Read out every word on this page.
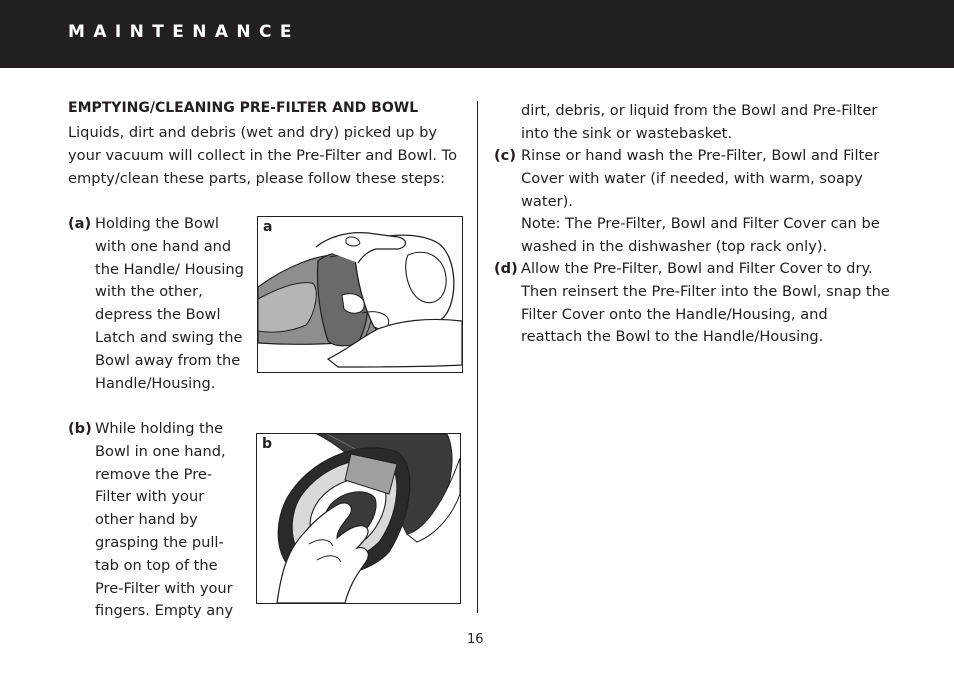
MAINTENANCE
EMPTYING/CLEANING PRE-FILTER AND BOWL
Liquids, dirt and debris (wet and dry) picked up by your vacuum will collect in the Pre-Filter and Bowl. To empty/clean these parts, please follow these steps:
(a) Holding the Bowl with one hand and the Handle/ Housing with the other, depress the Bowl Latch and swing the Bowl away from the Handle/Housing.
(b) While holding the Bowl in one hand, remove the Pre-Filter with your other hand by grasping the pull-tab on top of the Pre-Filter with your fingers. Empty any
a
b
dirt, debris, or liquid from the Bowl and Pre-Filter into the sink or wastebasket.
(c) Rinse or hand wash the Pre-Filter, Bowl and Filter Cover with water (if needed, with warm, soapy water).
Note: The Pre-Filter, Bowl and Filter Cover can be washed in the dishwasher (top rack only).
(d) Allow the Pre-Filter, Bowl and Filter Cover to dry. Then reinsert the Pre-Filter into the Bowl, snap the Filter Cover onto the Handle/Housing, and reattach the Bowl to the Handle/Housing.
16
